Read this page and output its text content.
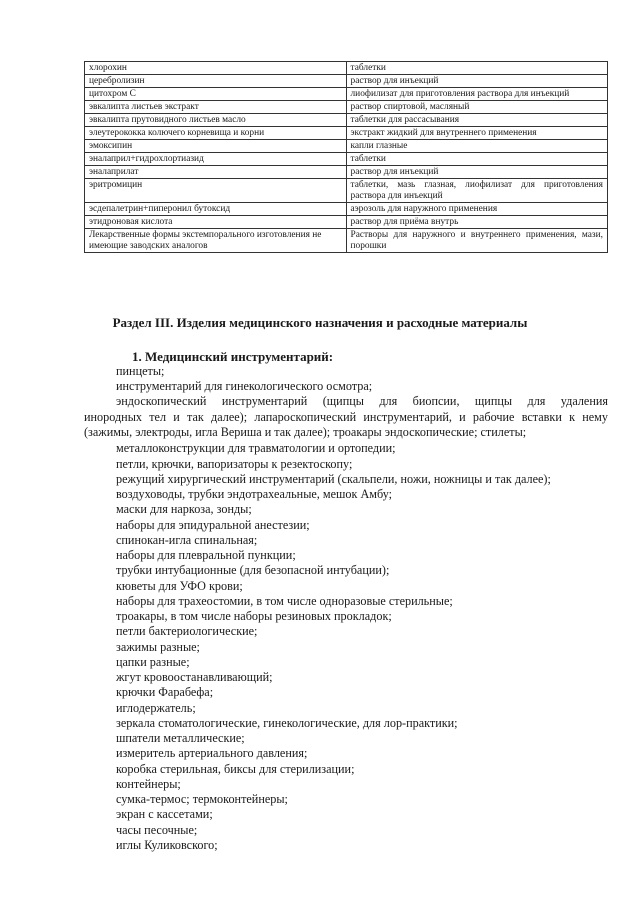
хлорохин	таблетки
церебролизин	раствор для инъекций
цитохром С	лиофилизат для приготовления раствора для инъекций
эвкалипта листьев экстракт	раствор спиртовой, масляный
эвкалипта прутовидного листьев масло	таблетки для рассасывания
элеутерококка колючего корневища и корни	экстракт жидкий для внутреннего применения
эмоксипин	капли глазные
эналаприл+гидрохлортиазид	таблетки
эналаприлат	раствор для инъекций
эритромицин	таблетки, мазь глазная, лиофилизат для приготовления раствора для инъекций
эсдепалетрин+пиперонил бутоксид	аэрозоль для наружного применения
этидроновая кислота	раствор для приёма внутрь
Лекарственные формы экстемпорального изготовления не имеющие заводских аналогов	Растворы для наружного и внутреннего применения, мази, порошки
Раздел III. Изделия медицинского назначения и расходные материалы
1. Медицинский инструментарий:
пинцеты;
инструментарий для гинекологического осмотра;
эндоскопический инструментарий (щипцы для биопсии, щипцы для удаления
инородных тел и так далее); лапароскопический инструментарий, и рабочие вставки к нему
(зажимы, электроды, игла Вериша и так далее); троакары эндоскопические; стилеты;
металлоконструкции для травматологии и ортопедии;
петли, крючки, вапоризаторы к резектоскопу;
режущий хирургический инструментарий (скальпели, ножи, ножницы и так далее);
воздуховоды, трубки эндотрахеальные, мешок Амбу;
маски для наркоза, зонды;
наборы для эпидуральной анестезии;
спинокан-игла спинальная;
наборы для плевральной пункции;
трубки интубационные (для безопасной интубации);
кюветы для УФО крови;
наборы для трахеостомии, в том числе одноразовые стерильные;
троакары, в том числе наборы резиновых прокладок;
петли бактериологические;
зажимы разные;
цапки разные;
жгут кровоостанавливающий;
крючки Фарабефа;
иглодержатель;
зеркала стоматологические, гинекологические, для лор-практики;
шпатели металлические;
измеритель артериального давления;
коробка стерильная, биксы для стерилизации;
контейнеры;
сумка-термос; термоконтейнеры;
экран с кассетами;
часы песочные;
иглы Куликовского;
